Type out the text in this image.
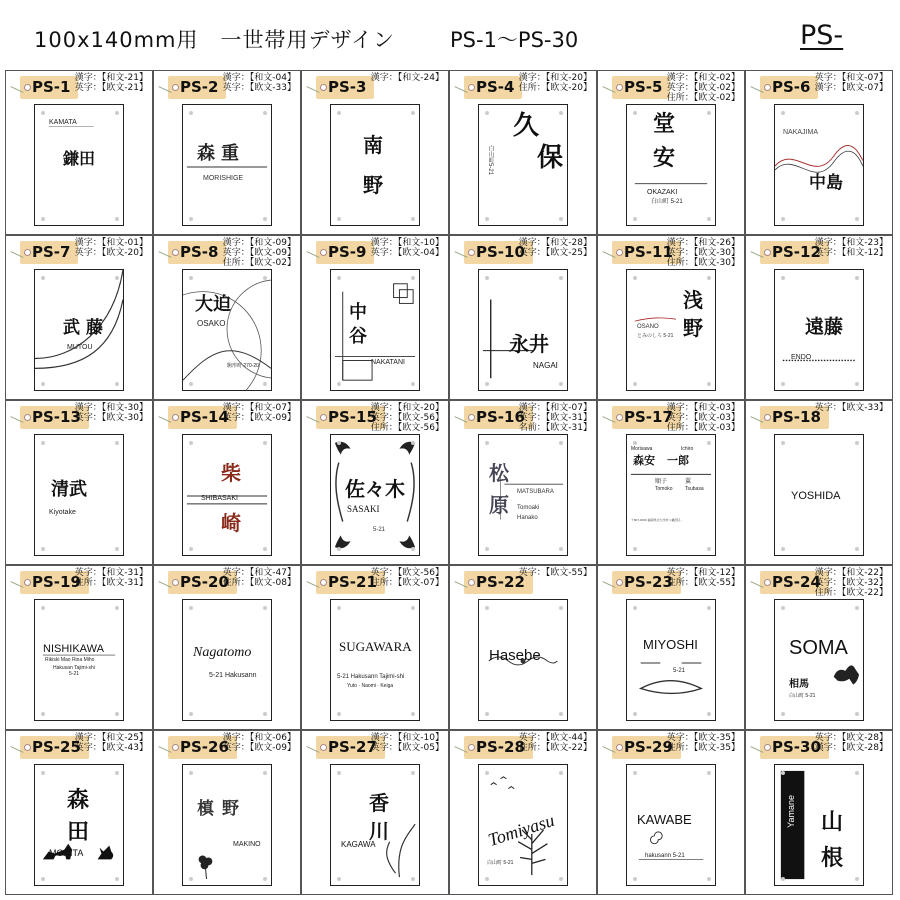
100x140mm用　一世帯用デザイン	PS-1～PS-30	PS-
PS-1 漢字：【和文-21】
英字：【欧文-21】
KAMATA
鎌田
PS-2 漢字：【和文-04】
英字：【欧文-33】
森重
MORISHIGE
PS-3 漢字：【和文-24】
南
野
PS-4 漢字：【和文-20】
住所：【欧文-20】
久
保
白山町5-21
PS-5 漢字：【和文-02】
英字：【欧文-02】
住所：【欧文-02】
堂
安
OKAZAKI
白山町 5-21
PS-6 英字：【和文-07】
漢字：【欧文-07】
NAKAJIMA
中島
PS-7 漢字：【和文-01】
英字：【欧文-20】
武藤
MUTOU
PS-8 漢字：【和文-09】
英字：【欧文-09】
住所：【欧文-02】
大迫
OSAKO
駒形町 270-20
PS-9 漢字：【和文-10】
英字：【欧文-04】
中
谷
NAKATANI
PS-10
漢字：【和文-28】
英字：【欧文-25】
永井
NAGAI
PS-11
漢字：【和文-26】
英字：【欧文-30】
住所：【欧文-30】
浅
野
OSANO
とみのしろ 5-21
PS-12
漢字：【和文-23】
英字：【和文-12】
遠藤
ENDO
PS-13
漢字：【和文-30】
英字：【欧文-30】
清武
Kiyotake
PS-14
漢字：【和文-07】
英字：【欧文-09】
柴
SHIBASAKI
崎
PS-15
漢字：【和文-20】
英字：【欧文-56】
住所：【欧文-56】
佐々木
SASAKI
5-21
PS-16
漢字：【和文-07】
英字：【欧文-31】
名前：【欧文-31】
松
原
MATSUBARA
Tomoaki
Hanako
PS-17
漢字：【和文-03】
英字：【欧文-03】
住所：【欧文-03】
Morisawa	Ichiro
森安 一郎
順子	翼
Tomoko Tsubasa
〒807-0009 福岡県北九州市八幡西区...
PS-18
英字：【欧文-33】
YOSHIDA
PS-19
英字：【和文-31】
住所：【欧文-31】
NISHIKAWA
Rikiski Mao Rina Miho
Hakusan Tajimi-shi
5-21
PS-20
英字：【和文-47】
住所：【欧文-08】
Nagatomo
5-21 Hakusann
PS-21
英字：【欧文-56】
住所：【欧文-07】
SUGAWARA
5-21 Hakusann Tajimi-shi
Yuto · Naomi · Keiga
PS-22
英字：【欧文-55】
Hasebe
PS-23
英字：【和文-12】
住所：【欧文-55】
MIYOSHI
5-21
PS-24
漢字：【和文-22】
英字：【欧文-32】
住所：【欧文-22】
SOMA
相馬
白山町 5-21
PS-25
漢字：【和文-25】
英字：【欧文-43】
森
田
MORITA
PS-26
漢字：【和文-06】
英字：【欧文-09】
槙野
MAKINO
PS-27
漢字：【和文-10】
英字：【欧文-05】
香
川
KAGAWA
PS-28
英字：【欧文-44】
住所：【欧文-22】
Tomiyasu
白山町 5-21
PS-29
英字：【欧文-35】
住所：【欧文-35】
KAWABE
hakusann 5-21
PS-30
英字：【欧文-28】
漢字：【欧文-28】
Yamane 山
根
